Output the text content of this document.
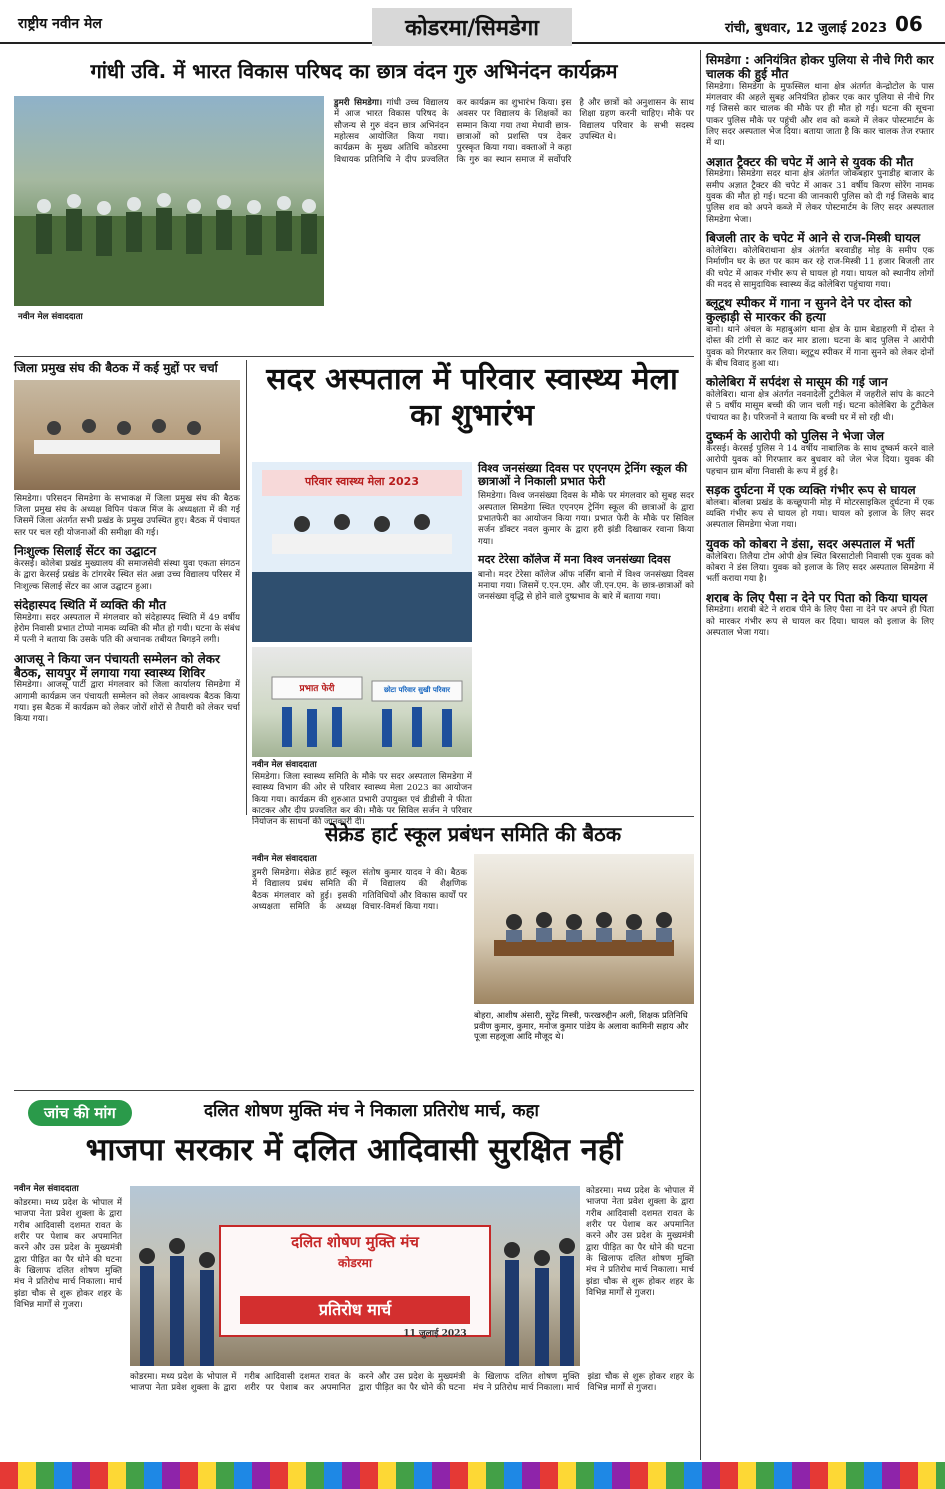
राष्ट्रीय नवीन मेल	कोडरमा/सिमडेगा	रांची, बुधवार, 12 जुलाई 2023 06
गांधी उवि. में भारत विकास परिषद का छात्र वंदन गुरु अभिनंदन कार्यक्रम
नवीन मेल संवाददाता
डुमरी सिमडेगा। गांधी उच्च विद्यालय में आज भारत विकास परिषद के सौजन्य से गुरु वंदन छात्र अभिनंदन महोत्सव आयोजित किया गया। कार्यक्रम के मुख्य अतिथि कोडरमा विधायक प्रतिनिधि ने दीप प्रज्वलित कर कार्यक्रम का शुभारंभ किया। इस अवसर पर विद्यालय के शिक्षकों का सम्मान किया गया तथा मेधावी छात्र-छात्राओं को प्रशस्ति पत्र देकर पुरस्कृत किया गया। वक्ताओं ने कहा कि गुरु का स्थान समाज में सर्वोपरि है और छात्रों को अनुशासन के साथ शिक्षा ग्रहण करनी चाहिए। मौके पर विद्यालय परिवार के सभी सदस्य उपस्थित थे।
सिमडेगा : अनियंत्रित होकर पुलिया से नीचे गिरी कार चालक की हुई मौत
सिमडेगा। सिमडेगा के मुफस्सिल थाना क्षेत्र अंतर्गत केन्द्रोटोल के पास मंगलवार की अहले सुबह अनियंत्रित होकर एक कार पुलिया से नीचे गिर गई जिससे कार चालक की मौके पर ही मौत हो गई। घटना की सूचना पाकर पुलिस मौके पर पहुंची और शव को कब्जे में लेकर पोस्टमार्टम के लिए सदर अस्पताल भेज दिया। बताया जाता है कि कार चालक तेज रफ्तार में था।
अज्ञात ट्रैक्टर की चपेट में आने से युवक की मौत
सिमडेगा। सिमडेगा सदर थाना क्षेत्र अंतर्गत जोकबहार पुनाडीह बाजार के समीप अज्ञात ट्रैक्टर की चपेट में आकर 31 वर्षीय किरण सोरेंग नामक युवक की मौत हो गई। घटना की जानकारी पुलिस को दी गई जिसके बाद पुलिस शव को अपने कब्जे में लेकर पोस्टमार्टम के लिए सदर अस्पताल सिमडेगा भेजा।
बिजली तार के चपेट में आने से राज-मिस्त्री घायल
कोलेबिरा। कोलेबिराथाना क्षेत्र अंतर्गत बरवाडीह मोड़ के समीप एक निर्माणीन घर के छत पर काम कर रहे राज-मिस्त्री 11 हजार बिजली तार की चपेट में आकर गंभीर रूप से घायल हो गया। घायल को स्थानीय लोगों की मदद से सामुदायिक स्वास्थ्य केंद्र कोलेबिरा पहुंचाया गया।
ब्लूटूथ स्पीकर में गाना न सुनने देने पर दोस्त को कुल्हाड़ी से मारकर की हत्या
बानो। थाने अंचल के महाबुआंग थाना क्षेत्र के ग्राम बेडाहरगी में दोस्त ने दोस्त की टांगी से काट कर मार डाला। घटना के बाद पुलिस ने आरोपी युवक को गिरफ्तार कर लिया। ब्लूटूथ स्पीकर में गाना सुनने को लेकर दोनों के बीच विवाद हुआ था।
कोलेबिरा में सर्पदंश से मासूम की गई जान
कोलेबिरा। थाना क्षेत्र अंतर्गत नवनादेली टुटीकेल में जहरीले सांप के काटने से 5 वर्षीय मासूम बच्ची की जान चली गई। घटना कोलेबिरा के टुटीकेल पंचायत का है। परिजनों ने बताया कि बच्ची घर में सो रही थी।
दुष्कर्म के आरोपी को पुलिस ने भेजा जेल
केरसई। केरसई पुलिस ने 14 वर्षीय नाबालिक के साथ दुष्कर्म करने वाले आरोपी युवक को गिरफ्तार कर बुधवार को जेल भेज दिया। युवक की पहचान ग्राम बोंगा निवासी के रूप में हुई है।
सड़क दुर्घटना में एक व्यक्ति गंभीर रूप से घायल
बोलबा। बोलबा प्रखंड के कच्छूपानी मोड़ में मोटरसाइकिल दुर्घटना में एक व्यक्ति गंभीर रूप से घायल हो गया। घायल को इलाज के लिए सदर अस्पताल सिमडेगा भेजा गया।
युवक को कोबरा ने डंसा, सदर अस्पताल में भर्ती
कोलेबिरा। तिलैया टोम ओपी क्षेत्र स्थित बिरसाटोली निवासी एक युवक को कोबरा ने डंस लिया। युवक को इलाज के लिए सदर अस्पताल सिमडेगा में भर्ती कराया गया है।
शराब के लिए पैसा न देने पर पिता को किया घायल
सिमडेगा। शराबी बेटे ने शराब पीने के लिए पैसा ना देने पर अपने ही पिता को मारकर गंभीर रूप से घायल कर दिया। घायल को इलाज के लिए अस्पताल भेजा गया।
जिला प्रमुख संघ की बैठक में कई मुद्दों पर चर्चा
सिमडेगा। परिसदन सिमडेगा के सभाकक्ष में जिला प्रमुख संघ की बैठक जिला प्रमुख संघ के अध्यक्ष विपिन पंकज मिंज के अध्यक्षता में की गई जिसमें जिला अंतर्गत सभी प्रखंड के प्रमुख उपस्थित हुए। बैठक में पंचायत स्तर पर चल रही योजनाओं की समीक्षा की गई।
निःशुल्क सिलाई सेंटर का उद्घाटन
केरसई। कोलेबा प्रखंड मुख्यालय की समाजसेवी संस्था युवा एकता संगठन के द्वारा केरसई प्रखंड के टांगरबेर स्थित संत अन्ना उच्च विद्यालय परिसर में निःशुल्क सिलाई सेंटर का आज उद्घाटन हुआ।
संदेहास्पद स्थिति में व्यक्ति की मौत
सिमडेगा। सदर अस्पताल में मंगलवार को संदेहास्पद स्थिति में 49 वर्षीय हेरोम निवासी प्रभात टोप्पो नामक व्यक्ति की मौत हो गयी। घटना के संबंध में पत्नी ने बताया कि उसके पति की अचानक तबीयत बिगड़ने लगी।
आजसू ने किया जन पंचायती सम्मेलन को लेकर बैठक, सायपुर में लगाया गया स्वास्थ्य शिविर
सिमडेगा। आजसू पार्टी द्वारा मंगलवार को जिला कार्यालय सिमडेगा में आगामी कार्यक्रम जन पंचायती सम्मेलन को लेकर आवश्यक बैठक किया गया। इस बैठक में कार्यक्रम को लेकर जोरों शोरों से तैयारी को लेकर चर्चा किया गया।
सदर अस्पताल में परिवार स्वास्थ्य मेला का शुभारंभ
परिवार स्वास्थ्य मेला 2023
प्रभात फेरी	छोटा परिवार सुखी परिवार
नवीन मेल संवाददाता
सिमडेगा। जिला स्वास्थ्य समिति के मौके पर सदर अस्पताल सिमडेगा में स्वास्थ्य विभाग की ओर से परिवार स्वास्थ्य मेला 2023 का आयोजन किया गया। कार्यक्रम की शुरुआत प्रभारी उपायुक्त एवं डीडीसी ने फीता काटकर और दीप प्रज्वलित कर की। मौके पर सिविल सर्जन ने परिवार नियोजन के साधनों की जानकारी दी।
विश्व जनसंख्या दिवस पर एएनएम ट्रेनिंग स्कूल की छात्राओं ने निकाली प्रभात फेरी
सिमडेगा। विश्व जनसंख्या दिवस के मौके पर मंगलवार को सुबह सदर अस्पताल सिमडेगा स्थित एएनएम ट्रेनिंग स्कूल की छात्राओं के द्वारा प्रभातफेरी का आयोजन किया गया। प्रभात फेरी के मौके पर सिविल सर्जन डॉक्टर नवल कुमार के द्वारा हरी झंडी दिखाकर रवाना किया गया।
मदर टेरेसा कॉलेज में मना विश्व जनसंख्या दिवस
बानो। मदर टेरेसा कॉलेज ऑफ नर्सिंग बानो में विश्व जनसंख्या दिवस मनाया गया। जिसमें ए.एन.एम. और जी.एन.एम. के छात्र-छात्राओं को जनसंख्या वृद्धि से होने वाले दुष्प्रभाव के बारे में बताया गया।
सेक्रेड हार्ट स्कूल प्रबंधन समिति की बैठक
नवीन मेल संवाददाता
डुमरी सिमडेगा। सेक्रेड हार्ट स्कूल में विद्यालय प्रबंध समिति की बैठक मंगलवार को हुई। इसकी अध्यक्षता समिति के अध्यक्ष संतोष कुमार यादव ने की। बैठक में विद्यालय की शैक्षणिक गतिविधियों और विकास कार्यों पर विचार-विमर्श किया गया।
बोहरा, आशीष अंसारी, सुरेंद्र मिस्त्री, फरखरुद्दीन अली, शिक्षक प्रतिनिधि प्रवीण कुमार, कुमार, मनोज कुमार पांडेय के अलावा कामिनी सहाय और पूजा सहलूजा आदि मौजूद थे।
जांच की मांग	दलित शोषण मुक्ति मंच ने निकाला प्रतिरोध मार्च, कहा
भाजपा सरकार में दलित आदिवासी सुरक्षित नहीं
नवीन मेल संवाददाता
कोडरमा। मध्य प्रदेश के भोपाल में भाजपा नेता प्रवेश शुक्ला के द्वारा गरीब आदिवासी दशमत रावत के शरीर पर पेशाब कर अपमानित करने और उस प्रदेश के मुख्यमंत्री द्वारा पीड़ित का पैर धोने की घटना के खिलाफ दलित शोषण मुक्ति मंच ने प्रतिरोध मार्च निकाला। मार्च झंडा चौक से शुरू होकर शहर के विभिन्न मार्गों से गुजरा।
दलित शोषण मुक्ति मंच
कोडरमा
प्रतिरोध मार्च
11 जुलाई 2023
कोडरमा। मध्य प्रदेश के भोपाल में भाजपा नेता प्रवेश शुक्ला के द्वारा गरीब आदिवासी दशमत रावत के शरीर पर पेशाब कर अपमानित करने और उस प्रदेश के मुख्यमंत्री द्वारा पीड़ित का पैर धोने की घटना के खिलाफ दलित शोषण मुक्ति मंच ने प्रतिरोध मार्च निकाला। मार्च झंडा चौक से शुरू होकर शहर के विभिन्न मार्गों से गुजरा।
कोडरमा। मध्य प्रदेश के भोपाल में भाजपा नेता प्रवेश शुक्ला के द्वारा गरीब आदिवासी दशमत रावत के शरीर पर पेशाब कर अपमानित करने और उस प्रदेश के मुख्यमंत्री द्वारा पीड़ित का पैर धोने की घटना के खिलाफ दलित शोषण मुक्ति मंच ने प्रतिरोध मार्च निकाला। मार्च झंडा चौक से शुरू होकर शहर के विभिन्न मार्गों से गुजरा।
